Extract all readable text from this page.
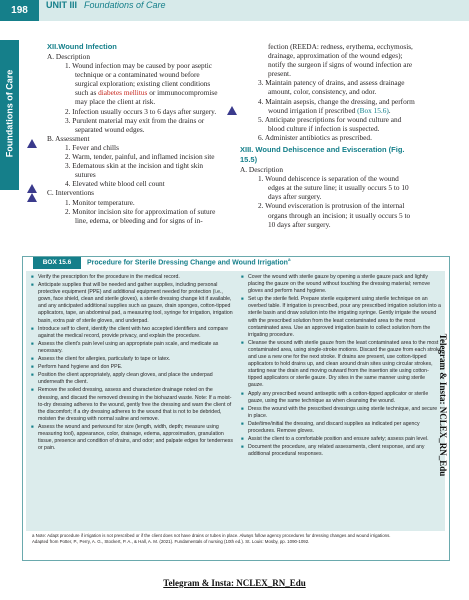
198	UNIT III Foundations of Care
Foundations of Care

XII.Wound Infection

A. Description

1. Wound infection may be caused by poor aseptic technique or a contaminated wound before surgical exploration; existing client conditions such as diabetes mellitus or immunocompromise may place the client at risk.

2. Infection usually occurs 3 to 6 days after surgery.

3. Purulent material may exit from the drains or separated wound edges.

B. Assessment

1. Fever and chills

2. Warm, tender, painful, and inflamed incision site

3. Edematous skin at the incision and tight skin sutures

4. Elevated white blood cell count

C. Interventions

1. Monitor temperature.

2. Monitor incision site for approximation of suture line, edema, or bleeding and for signs of in-

fection (REEDA: redness, erythema, ecchymosis, drainage, approximation of the wound edges); notify the surgeon if signs of wound infection are present.

3. Maintain patency of drains, and assess drainage amount, color, consistency, and odor.

4. Maintain asepsis, change the dressing, and perform wound irrigation if prescribed (Box 15.6).

5. Anticipate prescriptions for wound culture and blood culture if infection is suspected.

6. Administer antibiotics as prescribed.

XIII. Wound Dehiscence and Evisceration (Fig. 15.5)

A. Description

1. Wound dehiscence is separation of the wound edges at the suture line; it usually occurs 5 to 10 days after surgery.

2. Wound evisceration is protrusion of the internal organs through an incision; it usually occurs 5 to 10 days after surgery.

BOX 15.6	Procedure for Sterile Dressing Change and Wound Irrigation$^a$

■ Verify the prescription for the procedure in the medical record.

■ Anticipate supplies that will be needed and gather supplies, including personal protective equipment (PPE) and additional equipment needed for protection (i.e., gown, face shield, clean and sterile gloves), a sterile dressing change kit if available, and any anticipated additional supplies such as gauze, drain sponges, cotton-tipped applicators, tape, an abdominal pad, a measuring tool, syringe for irrigation, irrigation basin, extra pair of sterile gloves, and underpad.

■ Introduce self to client, identify the client with two accepted identifiers and compare against the medical record, provide privacy, and explain the procedure.

■ Assess the client's pain level using an appropriate pain scale, and medicate as necessary.

■ Assess the client for allergies, particularly to tape or latex.

■ Perform hand hygiene and don PPE.

■ Position the client appropriately, apply clean gloves, and place the underpad underneath the client.

■ Remove the soiled dressing, assess and characterize drainage noted on the dressing, and discard the removed dressing in the biohazard waste. Note: If a moist-to-dry dressing adheres to the wound, gently free the dressing and warn the client of the discomfort; if a dry dressing adheres to the wound that is not to be debrided, moisten the dressing with normal saline and remove.

■ Assess the wound and periwound for size (length, width, depth; measure using measuring tool), appearance, color, drainage, edema, approximation, granulation tissue, presence and condition of drains, and odor; and palpate edges for tenderness or pain.

■ Cover the wound with sterile gauze by opening a sterile gauze pack and lightly placing the gauze on the wound without touching the dressing material; remove gloves and perform hand hygiene.

■ Set up the sterile field. Prepare sterile equipment using sterile technique on an overbed table. If irrigation is prescribed, pour any prescribed irrigation solution into a sterile basin and draw solution into the irrigating syringe. Gently irrigate the wound with the prescribed solution from the least contaminated area to the most contaminated area. Use an approved irrigation basin to collect solution from the irrigating procedure.

■ Cleanse the wound with sterile gauze from the least contaminated area to the most contaminated area, using single-stroke motions. Discard the gauze from each stroke and use a new one for the next stroke. If drains are present, use cotton-tipped applicators to hold drains up, and clean around drain sites using circular strokes, starting near the drain and moving outward from the insertion site using cotton-tipped applicators or sterile gauze. Dry sites in the same manner using sterile gauze.

■ Apply any prescribed wound antiseptic with a cotton-tipped applicator or sterile gauze, using the same technique as when cleansing the wound.

■ Dress the wound with the prescribed dressings using sterile technique, and secure in place.

■ Date/time/initial the dressing, and discard supplies as indicated per agency procedures. Remove gloves.

■ Assist the client to a comfortable position and ensure safety; assess pain level.

■ Document the procedure, any related assessments, client response, and any additional procedural responses.

a Note: Adapt procedure if irrigation is not prescribed or if the client does not have drains or tubes in place. Always follow agency procedures for dressing changes and wound irrigations.

Adapted from Potter, P., Perry, A. G., Stockert, P. A., & Hall, A. M. (2021). Fundamentals of nursing (10th ed.). St. Louis: Mosby, pp. 1090-1092.

Telegram & Insta: NCLEX_RN_Edu
Telegram & Insta: NCLEX_RN_Edu
